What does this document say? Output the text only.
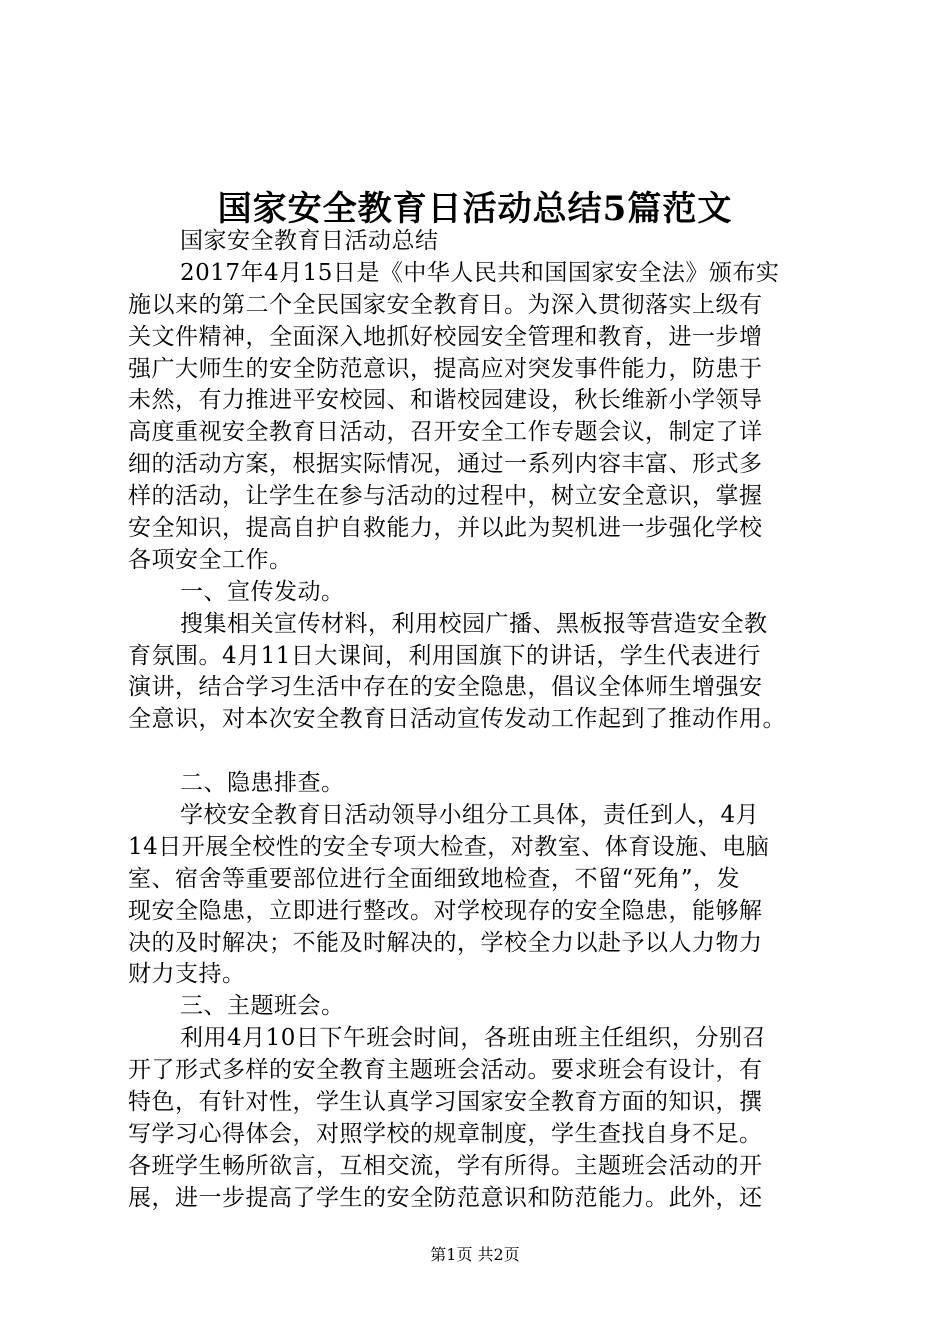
国家安全教育日活动总结5篇范文
国家安全教育日活动总结
2017年4月15日是《中华人民共和国国家安全法》颁布实
施以来的第二个全民国家安全教育日。为深入贯彻落实上级有
关文件精神，全面深入地抓好校园安全管理和教育，进一步增
强广大师生的安全防范意识，提高应对突发事件能力，防患于
未然，有力推进平安校园、和谐校园建设，秋长维新小学领导
高度重视安全教育日活动，召开安全工作专题会议，制定了详
细的活动方案，根据实际情况，通过一系列内容丰富、形式多
样的活动，让学生在参与活动的过程中，树立安全意识，掌握
安全知识，提高自护自救能力，并以此为契机进一步强化学校
各项安全工作。
一、宣传发动。
搜集相关宣传材料，利用校园广播、黑板报等营造安全教
育氛围。4月11日大课间，利用国旗下的讲话，学生代表进行
演讲，结合学习生活中存在的安全隐患，倡议全体师生增强安
全意识，对本次安全教育日活动宣传发动工作起到了推动作用。
二、隐患排查。
学校安全教育日活动领导小组分工具体，责任到人，4月
14日开展全校性的安全专项大检查，对教室、体育设施、电脑
室、宿舍等重要部位进行全面细致地检查，不留“死角”，发
现安全隐患，立即进行整改。对学校现存的安全隐患，能够解
决的及时解决；不能及时解决的，学校全力以赴予以人力物力
财力支持。
三、主题班会。
利用4月10日下午班会时间，各班由班主任组织，分别召
开了形式多样的安全教育主题班会活动。要求班会有设计，有
特色，有针对性，学生认真学习国家安全教育方面的知识，撰
写学习心得体会，对照学校的规章制度，学生查找自身不足。
各班学生畅所欲言，互相交流，学有所得。主题班会活动的开
展，进一步提高了学生的安全防范意识和防范能力。此外，还
第1页 共2页
